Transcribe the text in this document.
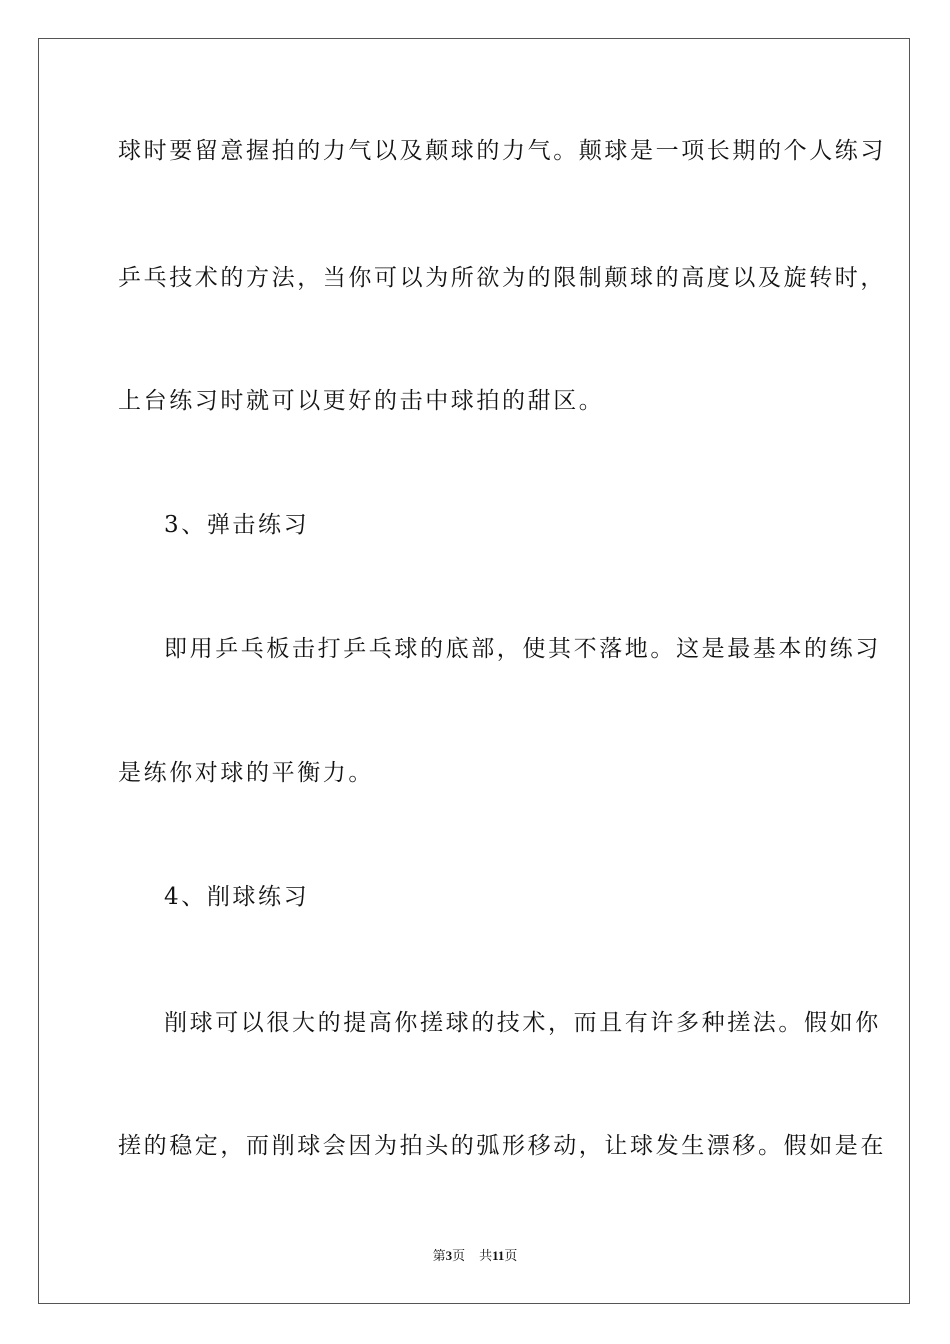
球时要留意握拍的力气以及颠球的力气。颠球是一项长期的个人练习
乒乓技术的方法，当你可以为所欲为的限制颠球的高度以及旋转时，
上台练习时就可以更好的击中球拍的甜区。
3、弹击练习
即用乒乓板击打乒乓球的底部，使其不落地。这是最基本的练习
是练你对球的平衡力。
4、削球练习
削球可以很大的提高你搓球的技术，而且有许多种搓法。假如你
搓的稳定，而削球会因为拍头的弧形移动，让球发生漂移。假如是在
第3页 共11页
